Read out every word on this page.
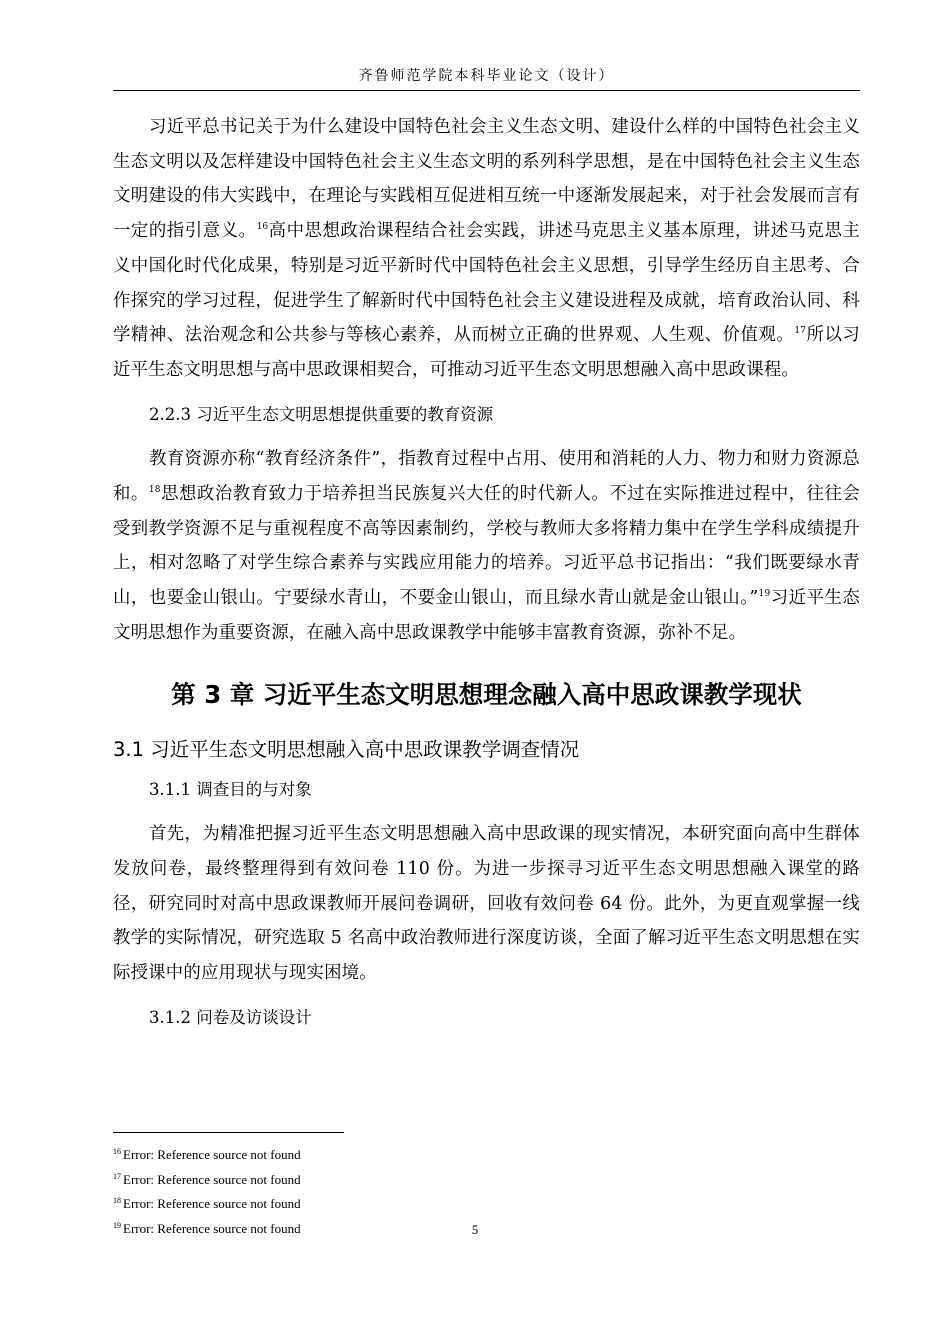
齐鲁师范学院本科毕业论文（设计）

习近平总书记关于为什么建设中国特色社会主义生态文明、建设什么样的中国特色社会主义生态文明以及怎样建设中国特色社会主义生态文明的系列科学思想，是在中国特色社会主义生态文明建设的伟大实践中，在理论与实践相互促进相互统一中逐渐发展起来，对于社会发展而言有一定的指引意义。$^{16}$高中思想政治课程结合社会实践，讲述马克思主义基本原理，讲述马克思主义中国化时代化成果，特别是习近平新时代中国特色社会主义思想，引导学生经历自主思考、合作探究的学习过程，促进学生了解新时代中国特色社会主义建设进程及成就，培育政治认同、科学精神、法治观念和公共参与等核心素养，从而树立正确的世界观、人生观、价值观。$^{17}$所以习近平生态文明思想与高中思政课相契合，可推动习近平生态文明思想融入高中思政课程。

2.2.3 习近平生态文明思想提供重要的教育资源

教育资源亦称“教育经济条件”，指教育过程中占用、使用和消耗的人力、物力和财力资源总和。$^{18}$思想政治教育致力于培养担当民族复兴大任的时代新人。不过在实际推进过程中，往往会受到教学资源不足与重视程度不高等因素制约，学校与教师大多将精力集中在学生学科成绩提升上，相对忽略了对学生综合素养与实践应用能力的培养。习近平总书记指出：“我们既要绿水青山，也要金山银山。宁要绿水青山，不要金山银山，而且绿水青山就是金山银山。”$^{19}$习近平生态文明思想作为重要资源，在融入高中思政课教学中能够丰富教育资源，弥补不足。

第 3 章 习近平生态文明思想理念融入高中思政课教学现状

3.1 习近平生态文明思想融入高中思政课教学调查情况

3.1.1 调查目的与对象

首先，为精准把握习近平生态文明思想融入高中思政课的现实情况，本研究面向高中生群体发放问卷，最终整理得到有效问卷 110 份。为进一步探寻习近平生态文明思想融入课堂的路径，研究同时对高中思政课教师开展问卷调研，回收有效问卷 64 份。此外，为更直观掌握一线教学的实际情况，研究选取 5 名高中政治教师进行深度访谈，全面了解习近平生态文明思想在实际授课中的应用现状与现实困境。

3.1.2 问卷及访谈设计

$^{16}$ Error: Reference source not found
$^{17}$ Error: Reference source not found
$^{18}$ Error: Reference source not found
$^{19}$ Error: Reference source not found	5
